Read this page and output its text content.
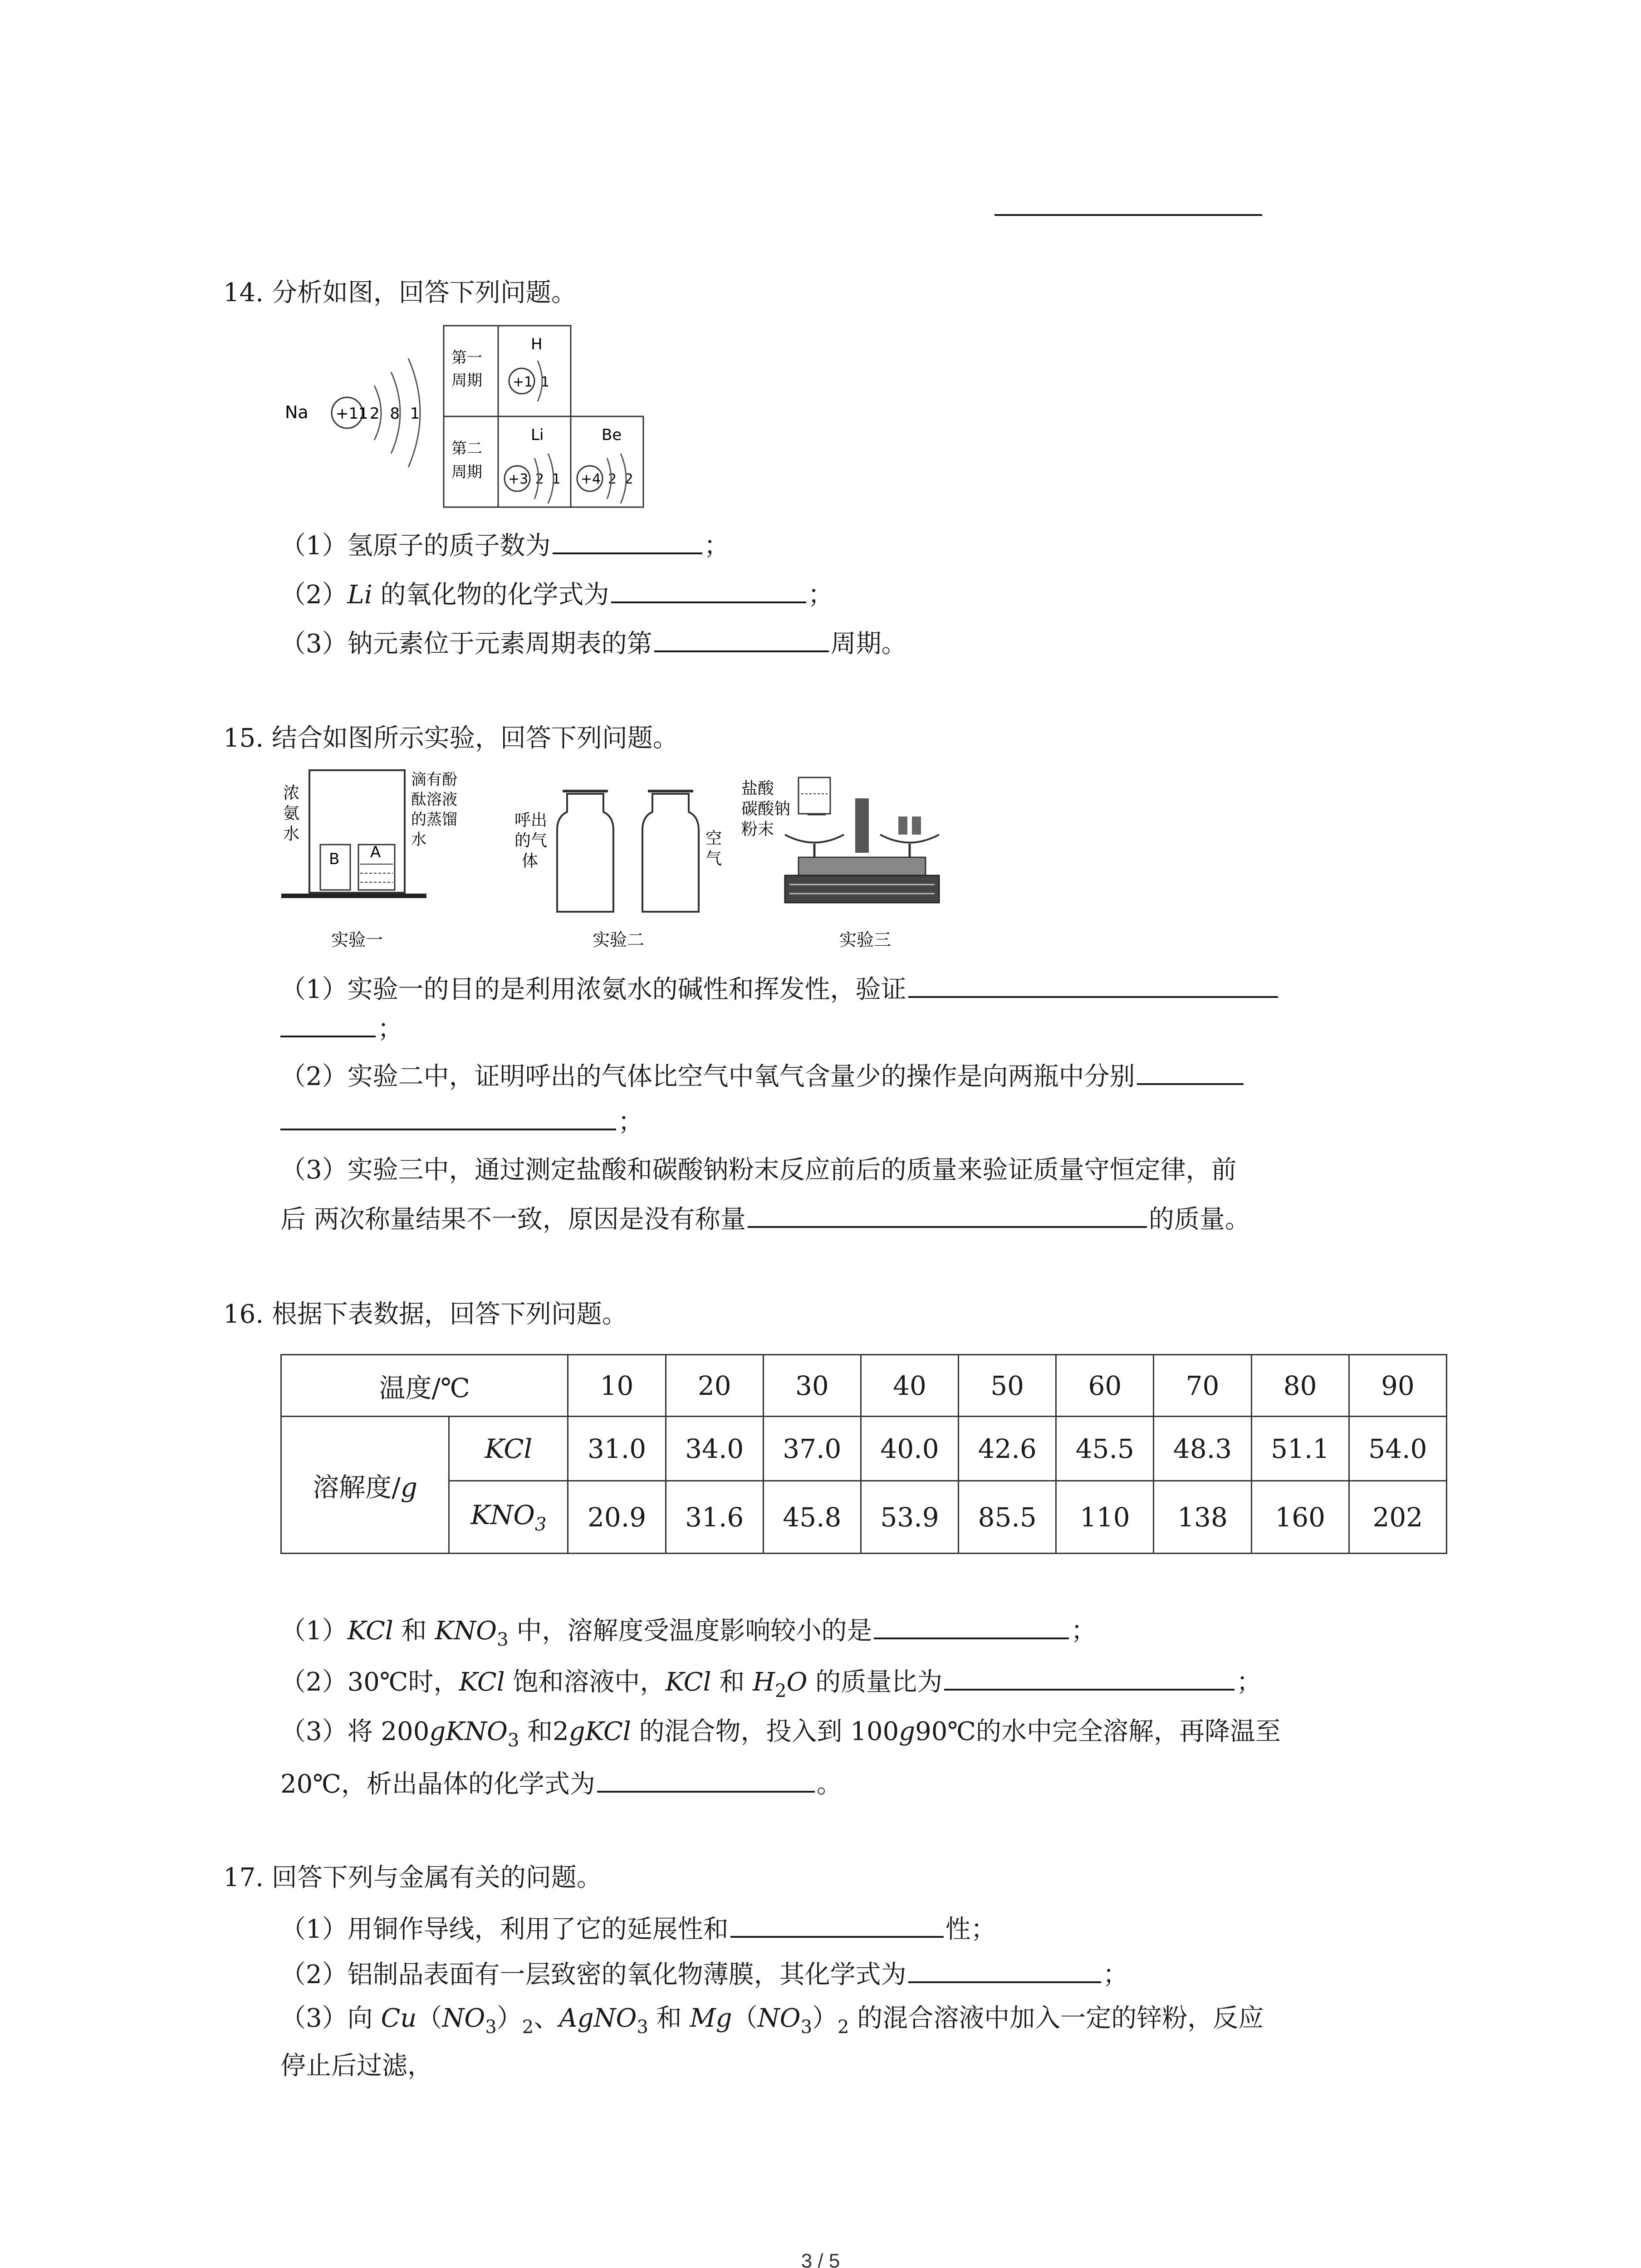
14. 分析如图，回答下列问题。
Na +11 2 8 1
第一
周期
第二
周期
H
+1 1
Li
+3 2 1
Be
+4 2 2
（1）氢原子的质子数为	；
（2）Li 的氧化物的化学式为	；
（3）钠元素位于元素周期表的第	周期。
15. 结合如图所示实验，回答下列问题。
浓
氨
水
B A
滴有酚
酞溶液
的蒸馏
水
实验一
呼出
的气
体
空
气
实验二
盐酸
碳酸钠
粉末
实验三
（1）实验一的目的是利用浓氨水的碱性和挥发性，验证
；
（2）实验二中，证明呼出的气体比空气中氧气含量少的操作是向两瓶中分别
；
（3）实验三中，通过测定盐酸和碳酸钠粉末反应前后的质量来验证质量守恒定律，前
后 两次称量结果不一致，原因是没有称量	的质量。
16. 根据下表数据，回答下列问题。
温度/℃		10	20	30	40	50	60	70	80	90
溶解度/g	KCl	31.0	34.0	37.0	40.0	42.6	45.5	48.3	51.1	54.0
	$KNO_3$	20.9	31.6	45.8	53.9	85.5	110	138	160	202
（1）KCl 和 $KNO_3$ 中，溶解度受温度影响较小的是	；
（2）30℃时，KCl 饱和溶液中，KCl 和 $H_2O$ 的质量比为	；
（3）将 200gKNO$_3$ 和2gKCl 的混合物，投入到 100g90℃的水中完全溶解，再降温至
20℃，析出晶体的化学式为	。
17. 回答下列与金属有关的问题。
（1）用铜作导线，利用了它的延展性和	性；
（2）铝制品表面有一层致密的氧化物薄膜，其化学式为	；
（3）向 $Cu(NO_3)_2$、AgNO$_3$ 和 $Mg(NO_3)_2$ 的混合溶液中加入一定的锌粉，反应
停止后过滤，
3 / 5
